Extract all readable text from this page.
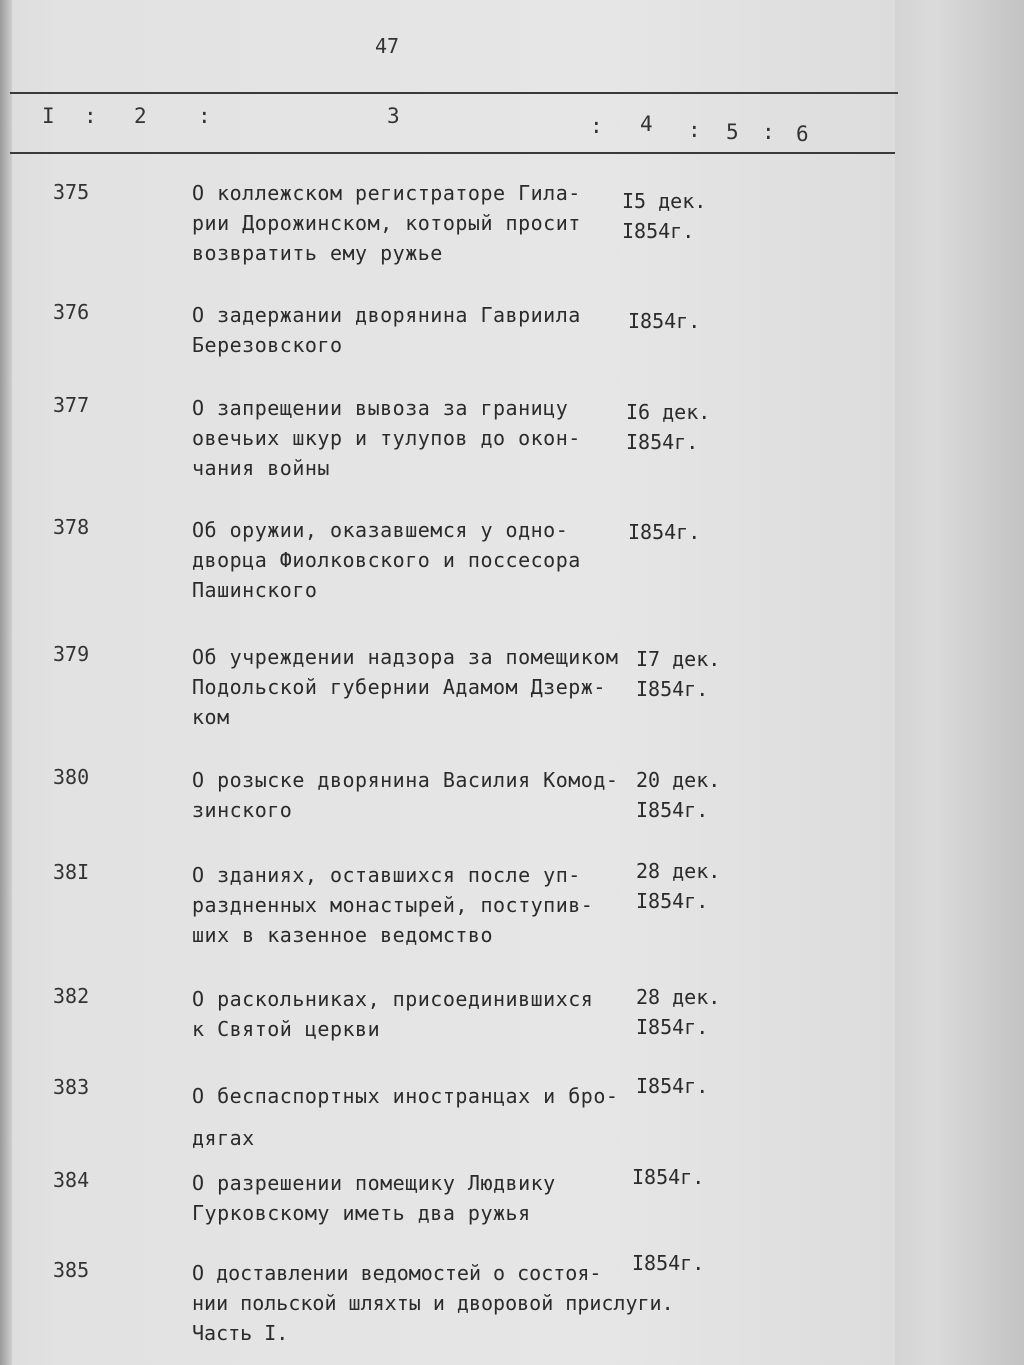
47
I : 2 :	3	: 4 : 5 : 6
375	О коллежском регистраторе Гила-
рии Дорожинском, который просит
возвратить ему ружье
I5 дек.
I854г.
376	О задержании дворянина Гавриила
Березовского
I854г.
377	О запрещении вывоза за границу
овечьих шкур и тулупов до окон-
чания войны
I6 дек.
I854г.
378	Об оружии, оказавшемся у одно-
дворца Фиолковского и поссесора
Пашинского
I854г.
379	Об учреждении надзора за помещиком
Подольской губернии Адамом Дзерж-
ком
I7 дек.
I854г.
380	О розыске дворянина Василия Комод-
зинского
20 дек.
I854г.
38I	О зданиях, оставшихся после уп-
раздненных монастырей, поступив-
ших в казенное ведомство
28 дек.
I854г.
382	О раскольниках, присоединившихся
к Святой церкви
28 дек.
I854г.
383	О беспаспортных иностранцах и бро-
дягах
I854г.
384	О разрешении помещику Людвику
Гурковскому иметь два ружья
I854г.
385	О доставлении ведомостей о состоя-
нии польской шляхты и дворовой прислуги.
Часть I.
I854г.
